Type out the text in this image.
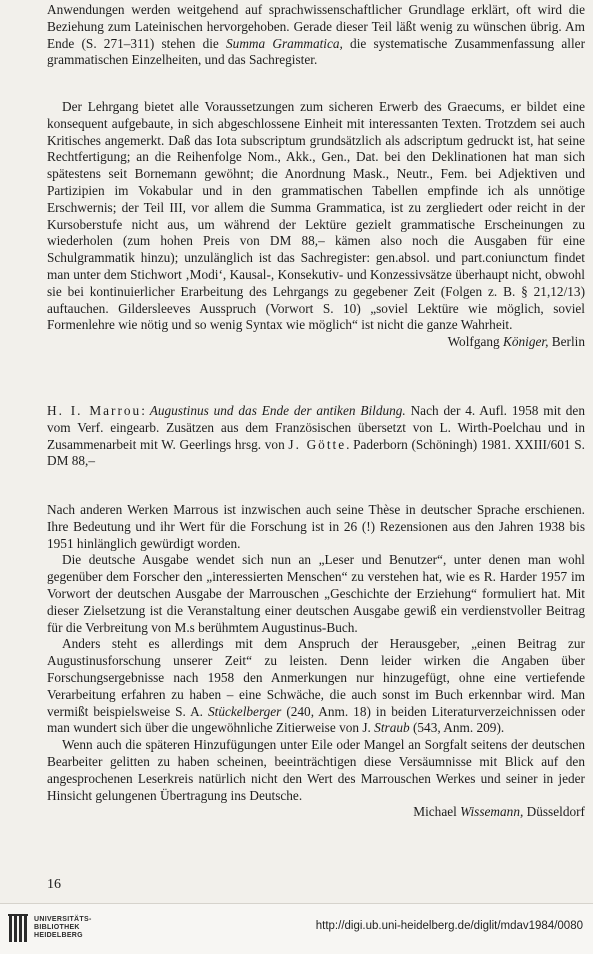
Anwendungen werden weitgehend auf sprachwissenschaftlicher Grundlage erklärt, oft wird die Beziehung zum Lateinischen hervorgehoben. Gerade dieser Teil läßt wenig zu wünschen übrig. Am Ende (S. 271–311) stehen die Summa Grammatica, die systematische Zusammenfassung aller grammatischen Einzelheiten, und das Sachregister.

Der Lehrgang bietet alle Voraussetzungen zum sicheren Erwerb des Graecums, er bildet eine konsequent aufgebaute, in sich abgeschlossene Einheit mit interessanten Texten. Trotzdem sei auch Kritisches angemerkt. Daß das Iota subscriptum grundsätzlich als adscriptum gedruckt ist, hat seine Rechtfertigung; an die Reihenfolge Nom., Akk., Gen., Dat. bei den Deklinationen hat man sich spätestens seit Bornemann gewöhnt; die Anordnung Mask., Neutr., Fem. bei Adjektiven und Partizipien im Vokabular und in den grammatischen Tabellen empfinde ich als unnötige Erschwernis; der Teil III, vor allem die Summa Grammatica, ist zu zergliedert oder reicht in der Kursoberstufe nicht aus, um während der Lektüre gezielt grammatische Erscheinungen zu wiederholen (zum hohen Preis von DM 88,– kämen also noch die Ausgaben für eine Schulgrammatik hinzu); unzulänglich ist das Sachregister: gen.absol. und part.coniunctum findet man unter dem Stichwort ‚Modi‘, Kausal-, Konsekutiv- und Konzessivsätze überhaupt nicht, obwohl sie bei kontinuierlicher Erarbeitung des Lehrgangs zu gegebener Zeit (Folgen z. B. § 21,12/13) auftauchen. Gildersleeves Ausspruch (Vorwort S. 10) „soviel Lektüre wie möglich, soviel Formenlehre wie nötig und so wenig Syntax wie möglich“ ist nicht die ganze Wahrheit.

Wolfgang Königer, Berlin

H. I. Marrou: Augustinus und das Ende der antiken Bildung. Nach der 4. Aufl. 1958 mit den vom Verf. eingearb. Zusätzen aus dem Französischen übersetzt von L. Wirth-Poelchau und in Zusammenarbeit mit W. Geerlings hrsg. von J. Götte. Paderborn (Schöningh) 1981. XXIII/601 S. DM 88,–

Nach anderen Werken Marrous ist inzwischen auch seine Thèse in deutscher Sprache erschienen. Ihre Bedeutung und ihr Wert für die Forschung ist in 26 (!) Rezensionen aus den Jahren 1938 bis 1951 hinlänglich gewürdigt worden.

Die deutsche Ausgabe wendet sich nun an „Leser und Benutzer“, unter denen man wohl gegenüber dem Forscher den „interessierten Menschen“ zu verstehen hat, wie es R. Harder 1957 im Vorwort der deutschen Ausgabe der Marrouschen „Geschichte der Erziehung“ formuliert hat. Mit dieser Zielsetzung ist die Veranstaltung einer deutschen Ausgabe gewiß ein verdienstvoller Beitrag für die Verbreitung von M.s berühmtem Augustinus-Buch.

Anders steht es allerdings mit dem Anspruch der Herausgeber, „einen Beitrag zur Augustinusforschung unserer Zeit“ zu leisten. Denn leider wirken die Angaben über Forschungsergebnisse nach 1958 den Anmerkungen nur hinzugefügt, ohne eine vertiefende Verarbeitung erfahren zu haben – eine Schwäche, die auch sonst im Buch erkennbar wird. Man vermißt beispielsweise S. A. Stückelberger (240, Anm. 18) in beiden Literaturverzeichnissen oder man wundert sich über die ungewöhnliche Zitierweise von J. Straub (543, Anm. 209).

Wenn auch die späteren Hinzufügungen unter Eile oder Mangel an Sorgfalt seitens der deutschen Bearbeiter gelitten zu haben scheinen, beeinträchtigen diese Versäumnisse mit Blick auf den angesprochenen Leserkreis natürlich nicht den Wert des Marrouschen Werkes und seiner in jeder Hinsicht gelungenen Übertragung ins Deutsche.

Michael Wissemann, Düsseldorf

16
UNIVERSITÄTS-
BIBLIOTHEK
HEIDELBERG
http://digi.ub.uni-heidelberg.de/diglit/mdav1984/0080
